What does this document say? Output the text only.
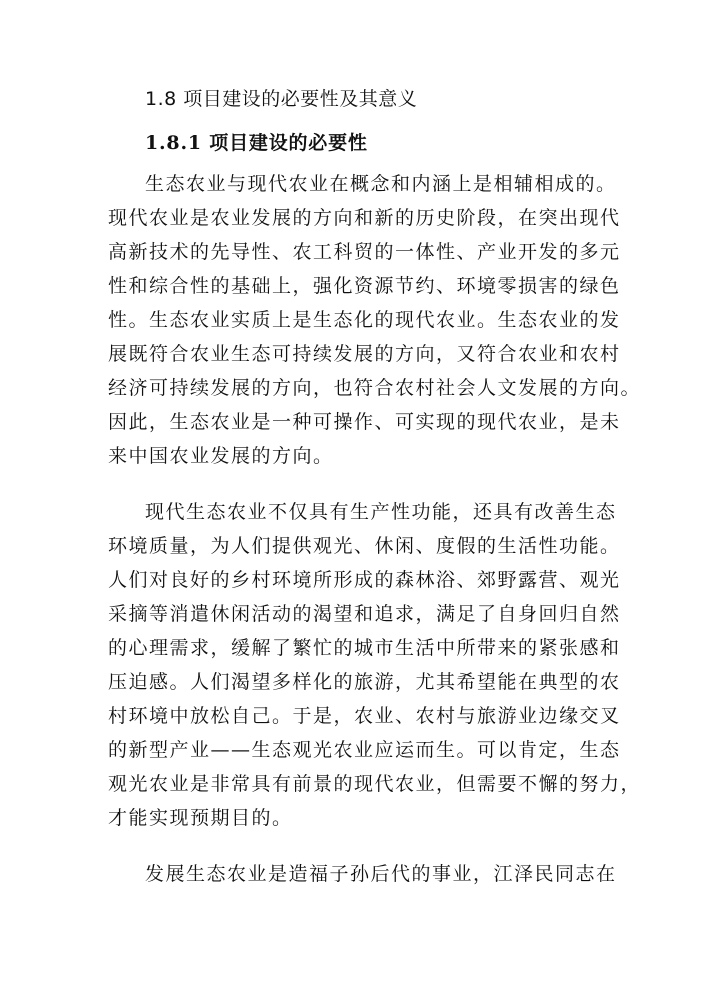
1.8 项目建设的必要性及其意义
1.8.1 项目建设的必要性
生态农业与现代农业在概念和内涵上是相辅相成的。
现代农业是农业发展的方向和新的历史阶段，在突出现代
高新技术的先导性、农工科贸的一体性、产业开发的多元
性和综合性的基础上，强化资源节约、环境零损害的绿色
性。生态农业实质上是生态化的现代农业。生态农业的发
展既符合农业生态可持续发展的方向，又符合农业和农村
经济可持续发展的方向，也符合农村社会人文发展的方向。
因此，生态农业是一种可操作、可实现的现代农业，是未
来中国农业发展的方向。
现代生态农业不仅具有生产性功能，还具有改善生态
环境质量，为人们提供观光、休闲、度假的生活性功能。
人们对良好的乡村环境所形成的森林浴、郊野露营、观光
采摘等消遣休闲活动的渴望和追求，满足了自身回归自然
的心理需求，缓解了繁忙的城市生活中所带来的紧张感和
压迫感。人们渴望多样化的旅游，尤其希望能在典型的农
村环境中放松自己。于是，农业、农村与旅游业边缘交叉
的新型产业——生态观光农业应运而生。可以肯定，生态
观光农业是非常具有前景的现代农业，但需要不懈的努力，
才能实现预期目的。
发展生态农业是造福子孙后代的事业，江泽民同志在
